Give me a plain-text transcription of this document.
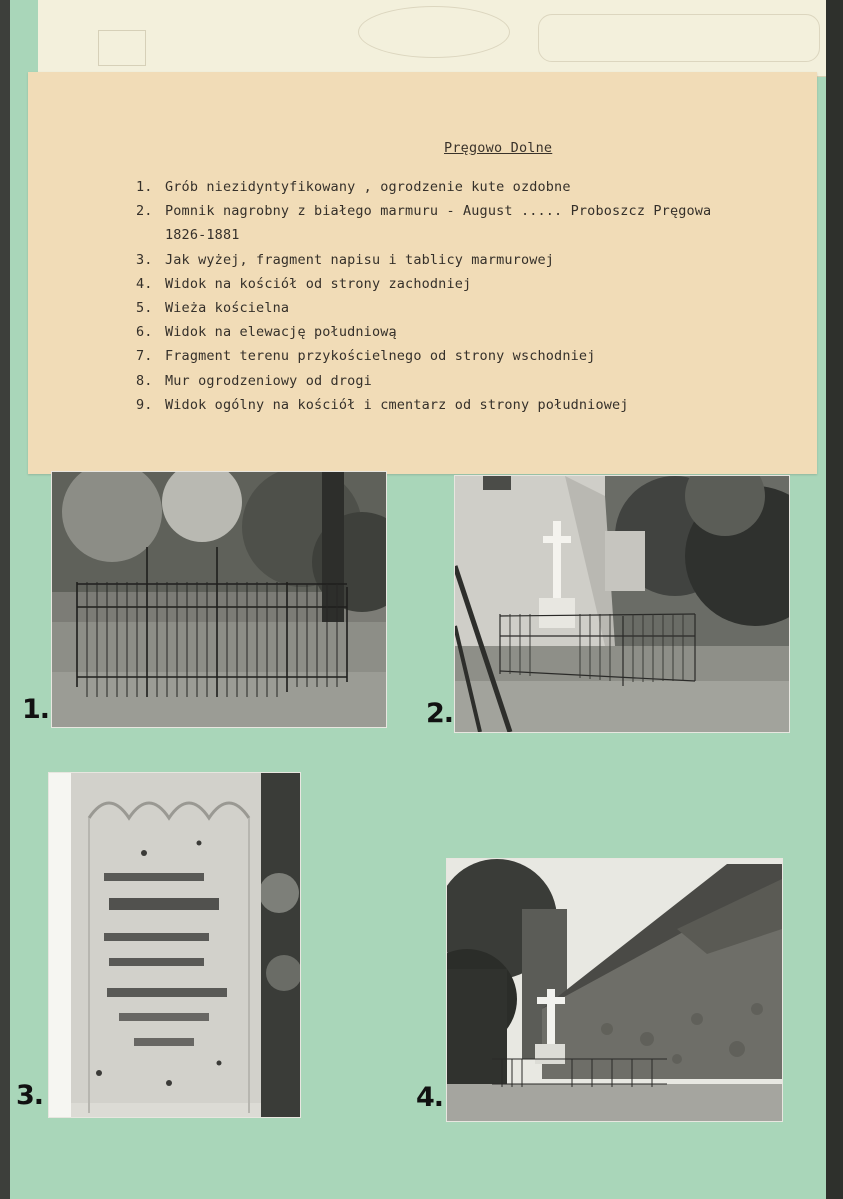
Pręgowo Dolne
1. Grób niezidyntyfikowany , ogrodzenie kute ozdobne
2. Pomnik nagrobny z białego marmuru - August ..... Proboszcz Pręgowa
1826-1881
3. Jak wyżej, fragment napisu i tablicy marmurowej
4. Widok na kościół od strony zachodniej
5. Wieża kościelna
6. Widok na elewację południową
7. Fragment terenu przykościelnego od strony wschodniej
8. Mur ogrodzeniowy od drogi
9. Widok ogólny na kościół i cmentarz od strony południowej
1.	2.
3.	4.
